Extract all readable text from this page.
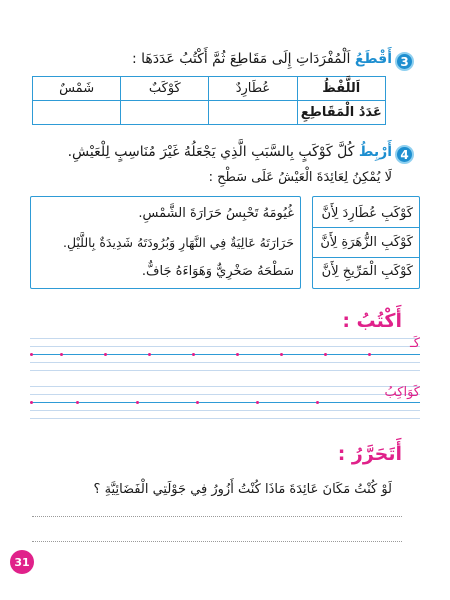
3
أَقْطَعُ اَلْمُفْرَدَاتِ إِلَى مَقَاطِعَ ثُمَّ أَكْتُبُ عَدَدَهَا :
اَللَّفْظُ	عُطَارِدٌ	كَوْكَبٌ	شَمْسٌ
عَدَدُ الْمَقَاطِعِ			
4
أَرْبِطُ كُلَّ كَوْكَبٍ بِالسَّبَبِ الَّذِي يَجْعَلُهُ غَيْرَ مُنَاسِبٍ لِلْعَيْشِ.
لَا يُمْكِنُ لِعَائِدَةَ الْعَيْشُ عَلَى سَطْحِ :
غُيُومَهُ تَحْبِسُ حَرَارَةَ الشَّمْسِ.
حَرَارَتَهُ عَالِيَةٌ فِي النَّهَارِ وَبُرُودَتَهُ شَدِيدَةٌ بِاللَّيْلِ.
سَطْحَهُ صَخْرِيٌّ وَهَوَاءَهُ جَافٌّ.
كَوْكَبِ عُطَارِدَ لِأَنَّ
كَوْكَبِ الزُّهَرَةِ لِأَنَّ
كَوْكَبِ الْمَرِّيخِ لِأَنَّ
أَكْتُبُ :
كَـ
كَوَاكِبُ
أَتَحَرَّرُ :
لَوْ كُنْتُ مَكَانَ عَائِدَةَ مَاذَا كُنْتُ أَزُورُ فِي جَوْلَتِي الْفَضَائِيَّةِ ؟
31
